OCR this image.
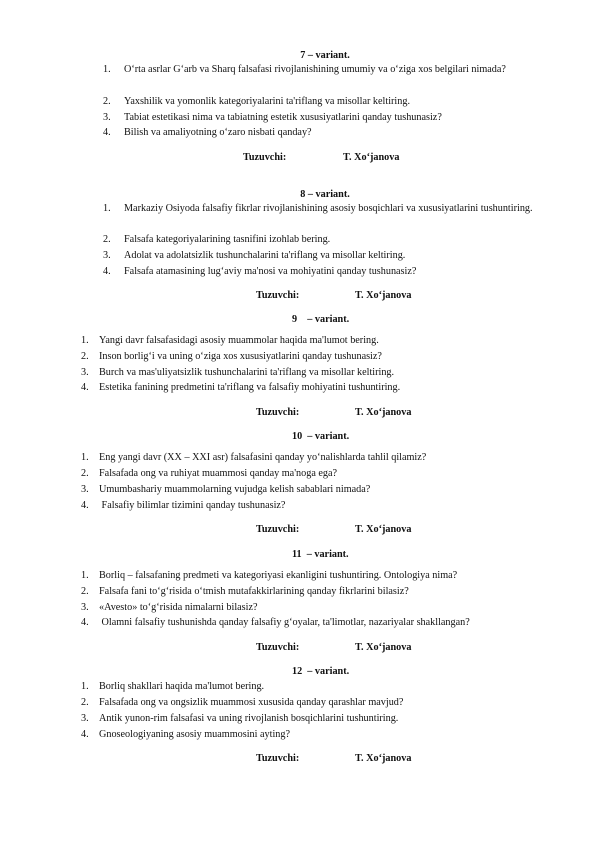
7 – variant.
1.	O‘rta asrlar G‘arb va Sharq falsafasi rivojlanishining umumiy va o‘ziga xos belgilari nimada?
2.	Yaxshilik va yomonlik kategoriyalarini ta'riflang va misollar keltiring.
3.	Tabiat estetikasi nima va tabiatning estetik xususiyatlarini qanday tushunasiz?
4.	Bilish va amaliyotning o‘zaro nisbati qanday?
Tuzuvchi:	T. Xo‘janova
8 – variant.
1.	Markaziy Osiyoda falsafiy fikrlar rivojlanishining asosiy bosqichlari va xususiyatlarini tushuntiring.
2.	Falsafa kategoriyalarining tasnifini izohlab bering.
3.	Adolat va adolatsizlik tushunchalarini ta'riflang va misollar keltiring.
4.	Falsafa atamasining lug‘aviy ma'nosi va mohiyatini qanday tushunasiz?
Tuzuvchi:	T. Xo‘janova
9    – variant.
1.	Yangi davr falsafasidagi asosiy muammolar haqida ma'lumot bering.
2.	Inson borlig‘i va uning o‘ziga xos xususiyatlarini qanday tushunasiz?
3.	Burch va mas'uliyatsizlik tushunchalarini ta'riflang va misollar keltiring.
4.	Estetika fanining predmetini ta'riflang va falsafiy mohiyatini tushuntiring.
Tuzuvchi:	T. Xo‘janova
10  – variant.
1.	Eng yangi davr (XX – XXI asr) falsafasini qanday yo‘nalishlarda tahlil qilamiz?
2.	Falsafada ong va ruhiyat muammosi qanday ma'noga ega?
3.	Umumbashariy muammolarning vujudga kelish sabablari nimada?
4.	Falsafiy bilimlar tizimini qanday tushunasiz?
Tuzuvchi:	T. Xo‘janova
11  – variant.
1.	Borliq – falsafaning predmeti va kategoriyasi ekanligini tushuntiring. Ontologiya nima?
2.	Falsafa fani to‘g‘risida o‘tmish mutafakkirlarining qanday fikrlarini bilasiz?
3.	«Avesto» to‘g‘risida nimalarni bilasiz?
4.	Olamni falsafiy tushunishda qanday falsafiy g‘oyalar, ta'limotlar, nazariyalar shakllangan?
Tuzuvchi:	T. Xo‘janova
12  – variant.
1.	Borliq shakllari haqida ma'lumot bering.
2.	Falsafada ong va ongsizlik muammosi xususida qanday qarashlar mavjud?
3.	Antik yunon-rim falsafasi va uning rivojlanish bosqichlarini tushuntiring.
4.	Gnoseologiyaning asosiy muammosini ayting?
Tuzuvchi:	T. Xo‘janova
